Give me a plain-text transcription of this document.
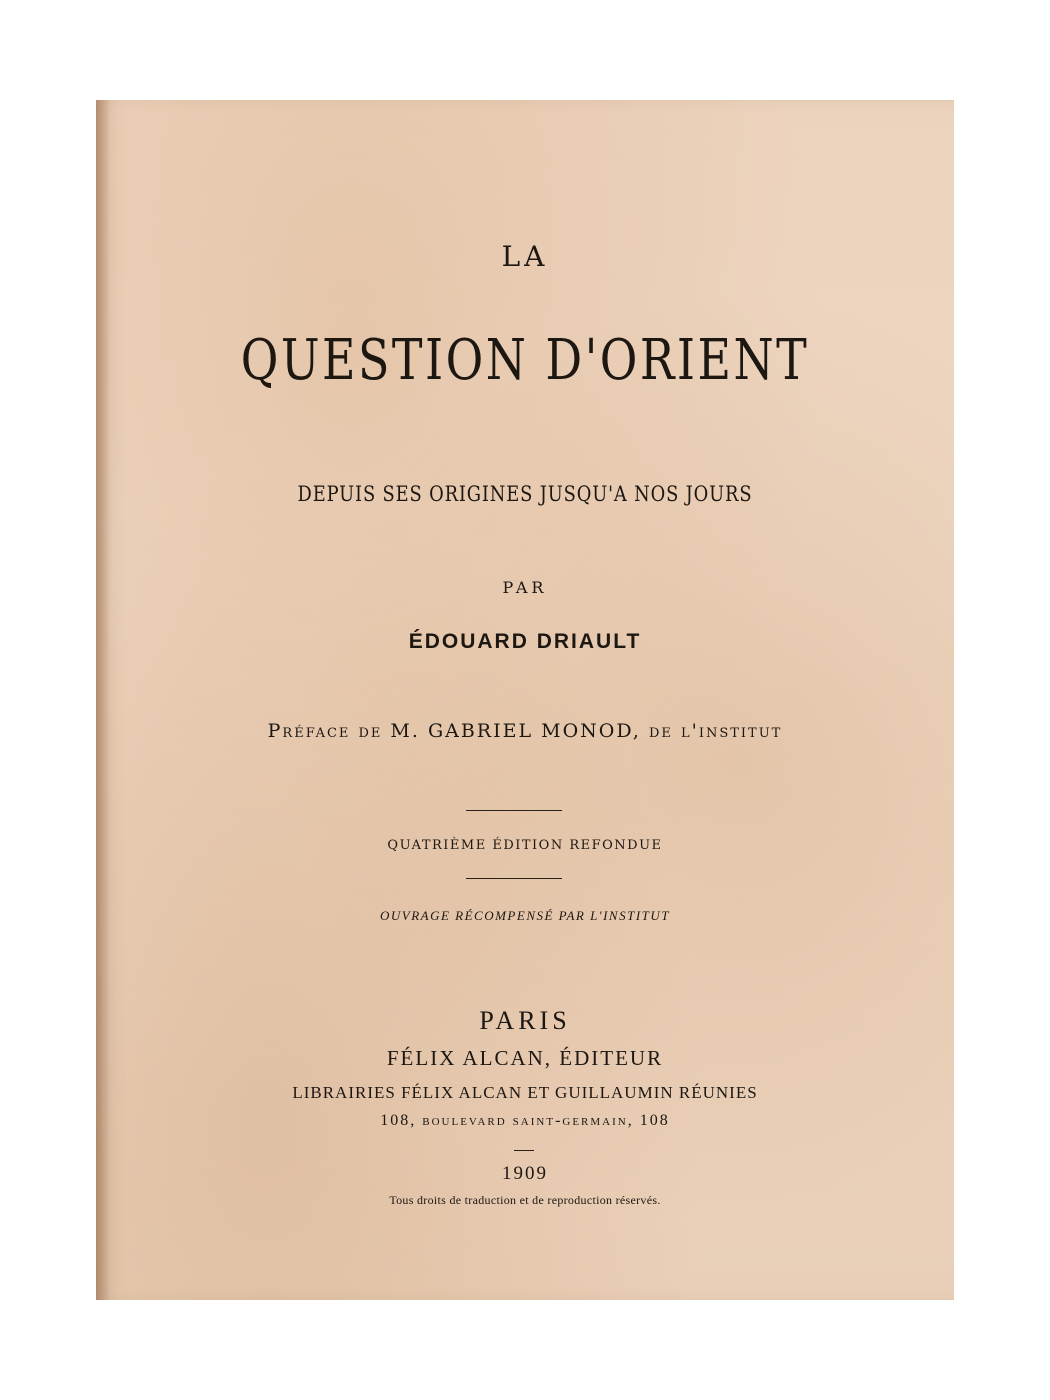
LA

QUESTION D'ORIENT

DEPUIS SES ORIGINES JUSQU'A NOS JOURS

PAR

ÉDOUARD DRIAULT

Préface de M. GABRIEL MONOD, de l'institut

QUATRIÈME ÉDITION REFONDUE

OUVRAGE RÉCOMPENSÉ PAR L'INSTITUT

PARIS

FÉLIX ALCAN, ÉDITEUR

LIBRAIRIES FÉLIX ALCAN ET GUILLAUMIN RÉUNIES

108, boulevard saint-germain, 108

1909

Tous droits de traduction et de reproduction réservés.
